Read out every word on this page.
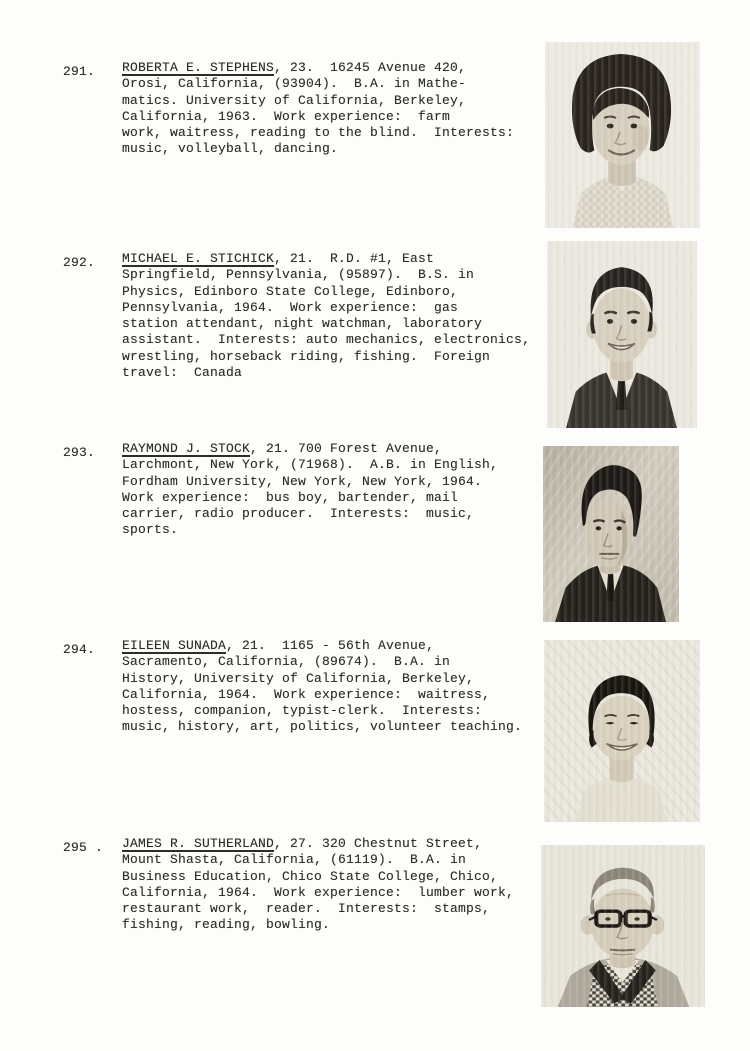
291. ROBERTA E. STEPHENS, 23.  16245 Avenue 420,
Orosi, California, (93904).  B.A. in Mathe-
matics. University of California, Berkeley,
California, 1963.  Work experience:  farm
work, waitress, reading to the blind.  Interests:
music, volleyball, dancing.
292. MICHAEL E. STICHICK, 21.  R.D. #1, East
Springfield, Pennsylvania, (95897).  B.S. in
Physics, Edinboro State College, Edinboro,
Pennsylvania, 1964.  Work experience:  gas
station attendant, night watchman, laboratory
assistant.  Interests: auto mechanics, electronics,
wrestling, horseback riding, fishing.  Foreign
travel:  Canada
293. RAYMOND J. STOCK, 21. 700 Forest Avenue,
Larchmont, New York, (71968).  A.B. in English,
Fordham University, New York, New York, 1964.
Work experience:  bus boy, bartender, mail
carrier, radio producer.  Interests:  music,
sports.
294. EILEEN SUNADA, 21.  1165 - 56th Avenue,
Sacramento, California, (89674).  B.A. in
History, University of California, Berkeley,
California, 1964.  Work experience:  waitress,
hostess, companion, typist-clerk.  Interests:
music, history, art, politics, volunteer teaching.
295 . JAMES R. SUTHERLAND, 27. 320 Chestnut Street,
Mount Shasta, California, (61119).  B.A. in
Business Education, Chico State College, Chico,
California, 1964.  Work experience:  lumber work,
restaurant work,  reader.  Interests:  stamps,
fishing, reading, bowling.
